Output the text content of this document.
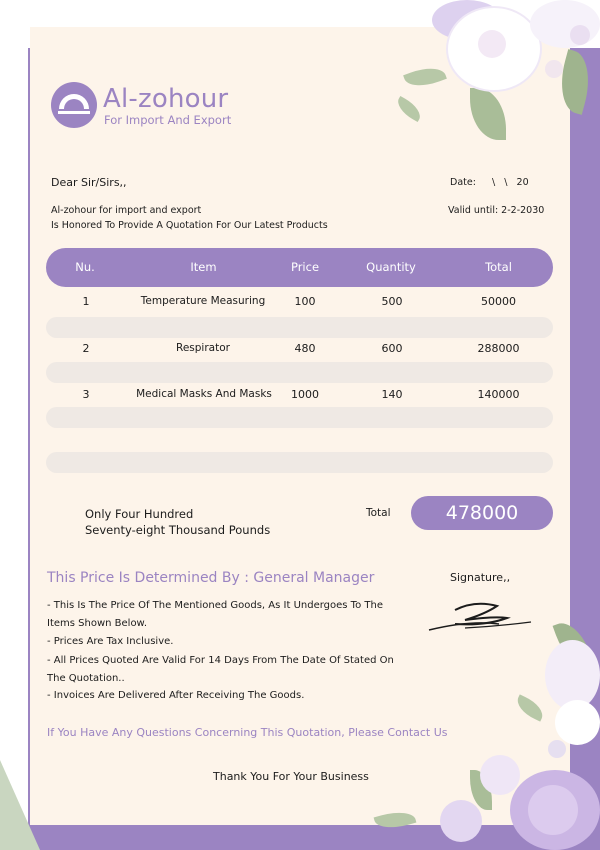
Al-zohour
For Import And Export
Dear Sir/Sirs,,	Date: \   \   20
Al-zohour for import and export
Is Honored To Provide A Quotation For Our Latest Products
Valid until: 2-2-2030
Nu.	Item	Price	Quantity	Total
1	Temperature Measuring	100	500	50000
2	Respirator	480	600	288000
3	Medical Masks And Masks	1000	140	140000
Only Four Hundred
Seventy-eight Thousand Pounds
Total	478000
This Price Is Determined By : General Manager	Signature,,
- This Is The Price Of The Mentioned Goods, As It Undergoes To The
Items Shown Below.
- Prices Are Tax Inclusive.
- All Prices Quoted Are Valid For 14 Days From The Date Of Stated On
The Quotation..
- Invoices Are Delivered After Receiving The Goods.
If You Have Any Questions Concerning This Quotation, Please Contact Us
Thank You For Your Business
